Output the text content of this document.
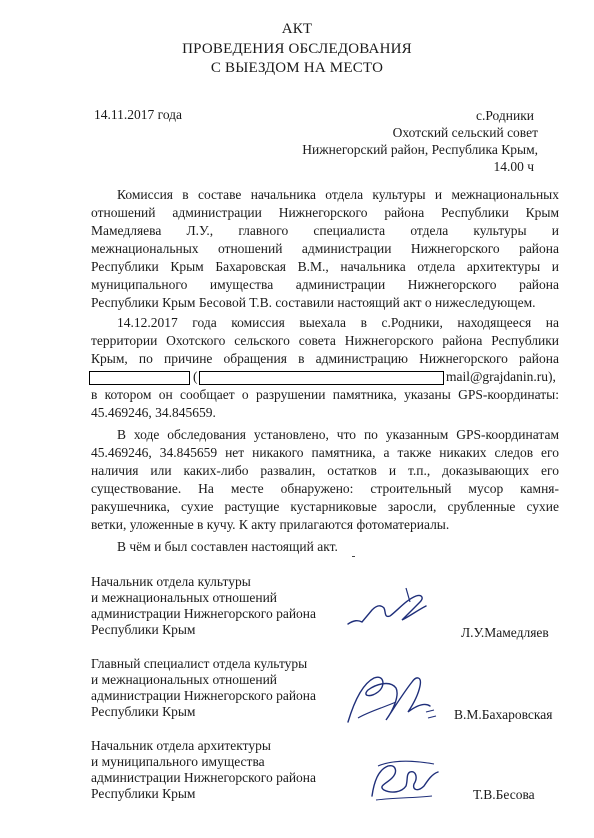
АКТ
ПРОВЕДЕНИЯ ОБСЛЕДОВАНИЯ
С ВЫЕЗДОМ НА МЕСТО
14.11.2017 года	с.Родники
Охотский сельский совет
Нижнегорский район, Республика Крым,
14.00 ч
Комиссия в составе начальника отдела культуры и межнациональных
отношений администрации Нижнегорского района Республики Крым
Мамедляева Л.У., главного специалиста отдела культуры и
межнациональных отношений администрации Нижнегорского района
Республики Крым Бахаровская В.М., начальника отдела архитектуры и
муниципального имущества администрации Нижнегорского района
Республики Крым Бесовой Т.В. составили настоящий акт о нижеследующем.
14.12.2017 года комиссия выехала в с.Родники, находящееся на
территории Охотского сельского совета Нижнегорского района Республики
Крым, по причине обращения в администрацию Нижнегорского района
(	mail@grajdanin.ru),
в котором он сообщает о разрушении памятника, указаны GPS-координаты:
45.469246, 34.845659.
В ходе обследования установлено, что по указанным GPS-координатам
45.469246, 34.845659 нет никакого памятника, а также никаких следов его
наличия или каких-либо развалин, остатков и т.п., доказывающих его
существование. На месте обнаружено: строительный мусор камня-
ракушечника, сухие растущие кустарниковые заросли, срубленные сухие
ветки, уложенные в кучу. К акту прилагаются фотоматериалы.
В чём и был составлен настоящий акт.
Начальник отдела культуры
и межнациональных отношений
администрации Нижнегорского района
Республики Крым	Л.У.Мамедляев
Главный специалист отдела культуры
и межнациональных отношений
администрации Нижнегорского района
Республики Крым	В.М.Бахаровская
Начальник отдела архитектуры
и муниципального имущества
администрации Нижнегорского района
Республики Крым	Т.В.Бесова
